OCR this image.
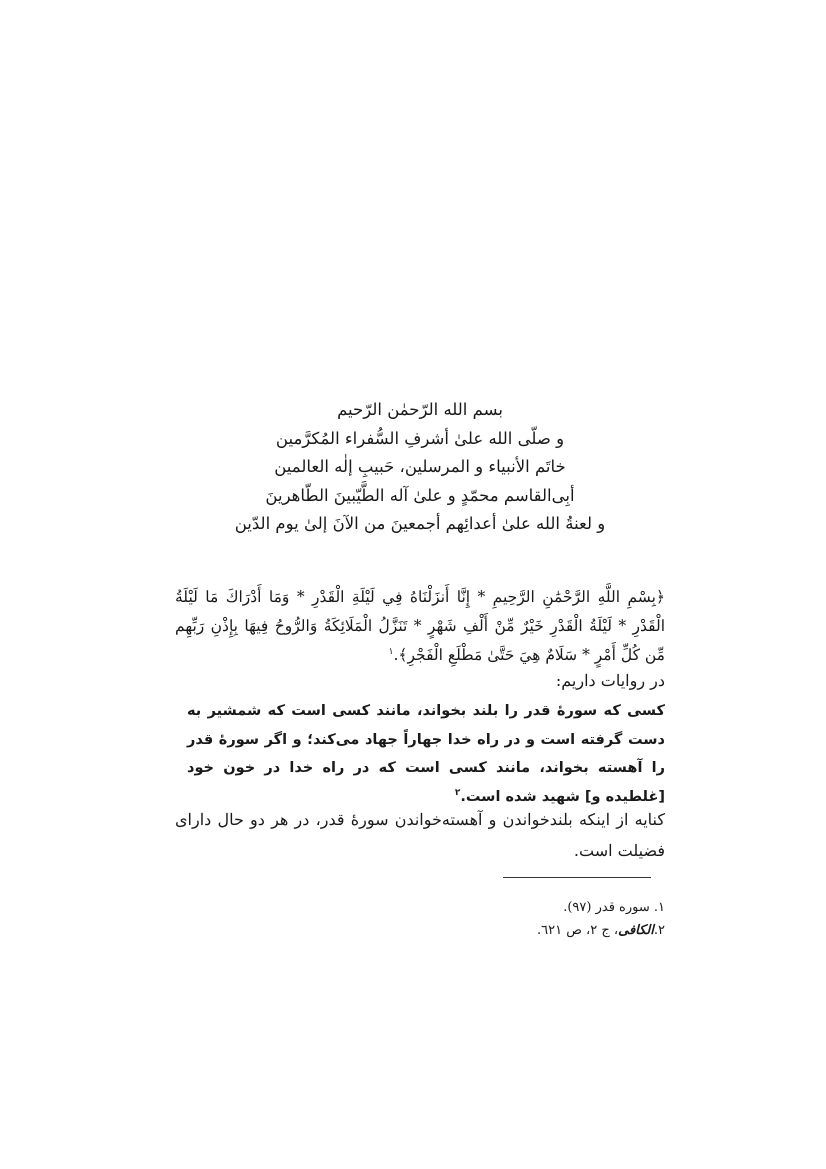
بسم الله الرّحمٰن الرّحیم
و صلّی الله علیٰ أشرفِ السُّفراء المُکرَّمین
خاتَم الأنبیاء و المرسلین، حَبیبِ إلٰه العالمین
أبِی‌القاسم محمّدٍ و علیٰ آله الطَّیّبینَ الطّاهرینَ
و لعنةُ الله علیٰ أعدائِهم أجمعینَ من الآنَ إلیٰ یوم الدّین
﴿بِسْمِ اللَّهِ الرَّحْمَٰنِ الرَّحِيمِ * إِنَّا أَنزَلْنَاهُ فِي لَيْلَةِ الْقَدْرِ * وَمَا أَدْرَاكَ مَا لَيْلَةُ الْقَدْرِ * لَيْلَةُ الْقَدْرِ خَيْرٌ مِّنْ أَلْفِ شَهْرٍ * تَنَزَّلُ الْمَلَائِكَةُ وَالرُّوحُ فِيهَا بِإِذْنِ رَبِّهِم مِّن كُلِّ أَمْرٍ * سَلَامٌ هِيَ حَتَّىٰ مَطْلَعِ الْفَجْرِ﴾.$^١$
در روایات داریم:
کسی که سورۀ قدر را بلند بخواند، مانند کسی است که شمشیر به دست گرفته است و در راه خدا جهاراً جهاد می‌کند؛ و اگر سورۀ قدر را آهسته بخواند، مانند کسی است که در راه خدا در خون خود [غلطیده و] شهید شده است.$^٢$
کنایه از اینکه بلندخواندن و آهسته‌خواندن سورۀ قدر، در هر دو حال دارای فضیلت است.
١. سوره قدر (٩٧).
٢.الکافی، ج ٢، ص ٦٢١.
